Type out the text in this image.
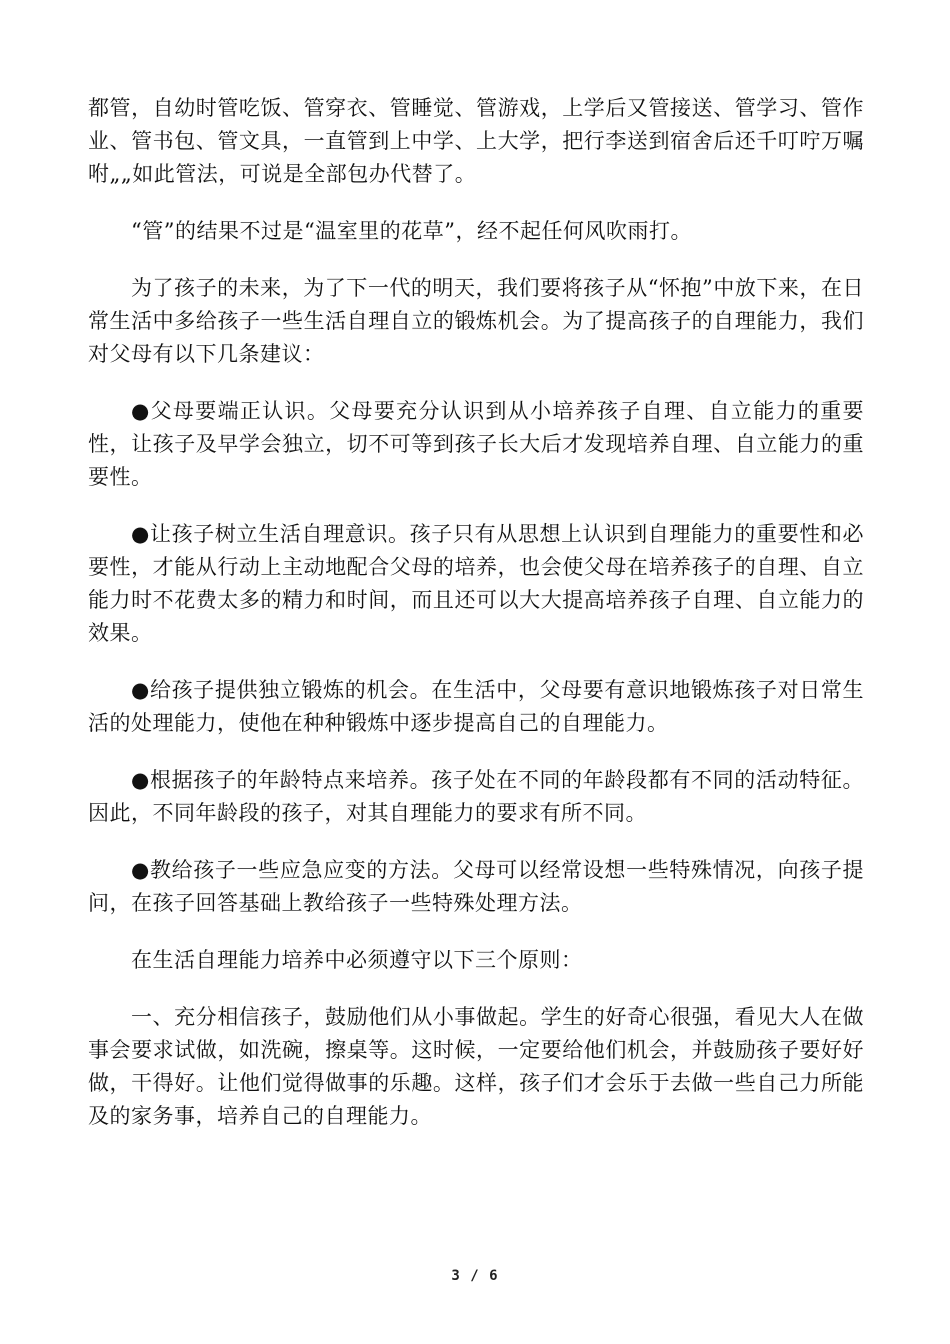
都管，自幼时管吃饭、管穿衣、管睡觉、管游戏，上学后又管接送、管学习、管作业、管书包、管文具，一直管到上中学、上大学，把行李送到宿舍后还千叮咛万嘱咐„„如此管法，可说是全部包办代替了。

“管”的结果不过是“温室里的花草”，经不起任何风吹雨打。

为了孩子的未来，为了下一代的明天，我们要将孩子从“怀抱”中放下来，在日常生活中多给孩子一些生活自理自立的锻炼机会。为了提高孩子的自理能力，我们对父母有以下几条建议：

●父母要端正认识。父母要充分认识到从小培养孩子自理、自立能力的重要性，让孩子及早学会独立，切不可等到孩子长大后才发现培养自理、自立能力的重要性。

●让孩子树立生活自理意识。孩子只有从思想上认识到自理能力的重要性和必要性，才能从行动上主动地配合父母的培养，也会使父母在培养孩子的自理、自立能力时不花费太多的精力和时间，而且还可以大大提高培养孩子自理、自立能力的效果。

●给孩子提供独立锻炼的机会。在生活中，父母要有意识地锻炼孩子对日常生活的处理能力，使他在种种锻炼中逐步提高自己的自理能力。

●根据孩子的年龄特点来培养。孩子处在不同的年龄段都有不同的活动特征。因此，不同年龄段的孩子，对其自理能力的要求有所不同。

●教给孩子一些应急应变的方法。父母可以经常设想一些特殊情况，向孩子提问，在孩子回答基础上教给孩子一些特殊处理方法。

在生活自理能力培养中必须遵守以下三个原则：

一、充分相信孩子，鼓励他们从小事做起。学生的好奇心很强，看见大人在做事会要求试做，如洗碗，擦桌等。这时候，一定要给他们机会，并鼓励孩子要好好做，干得好。让他们觉得做事的乐趣。这样，孩子们才会乐于去做一些自己力所能及的家务事，培养自己的自理能力。

3 / 6
